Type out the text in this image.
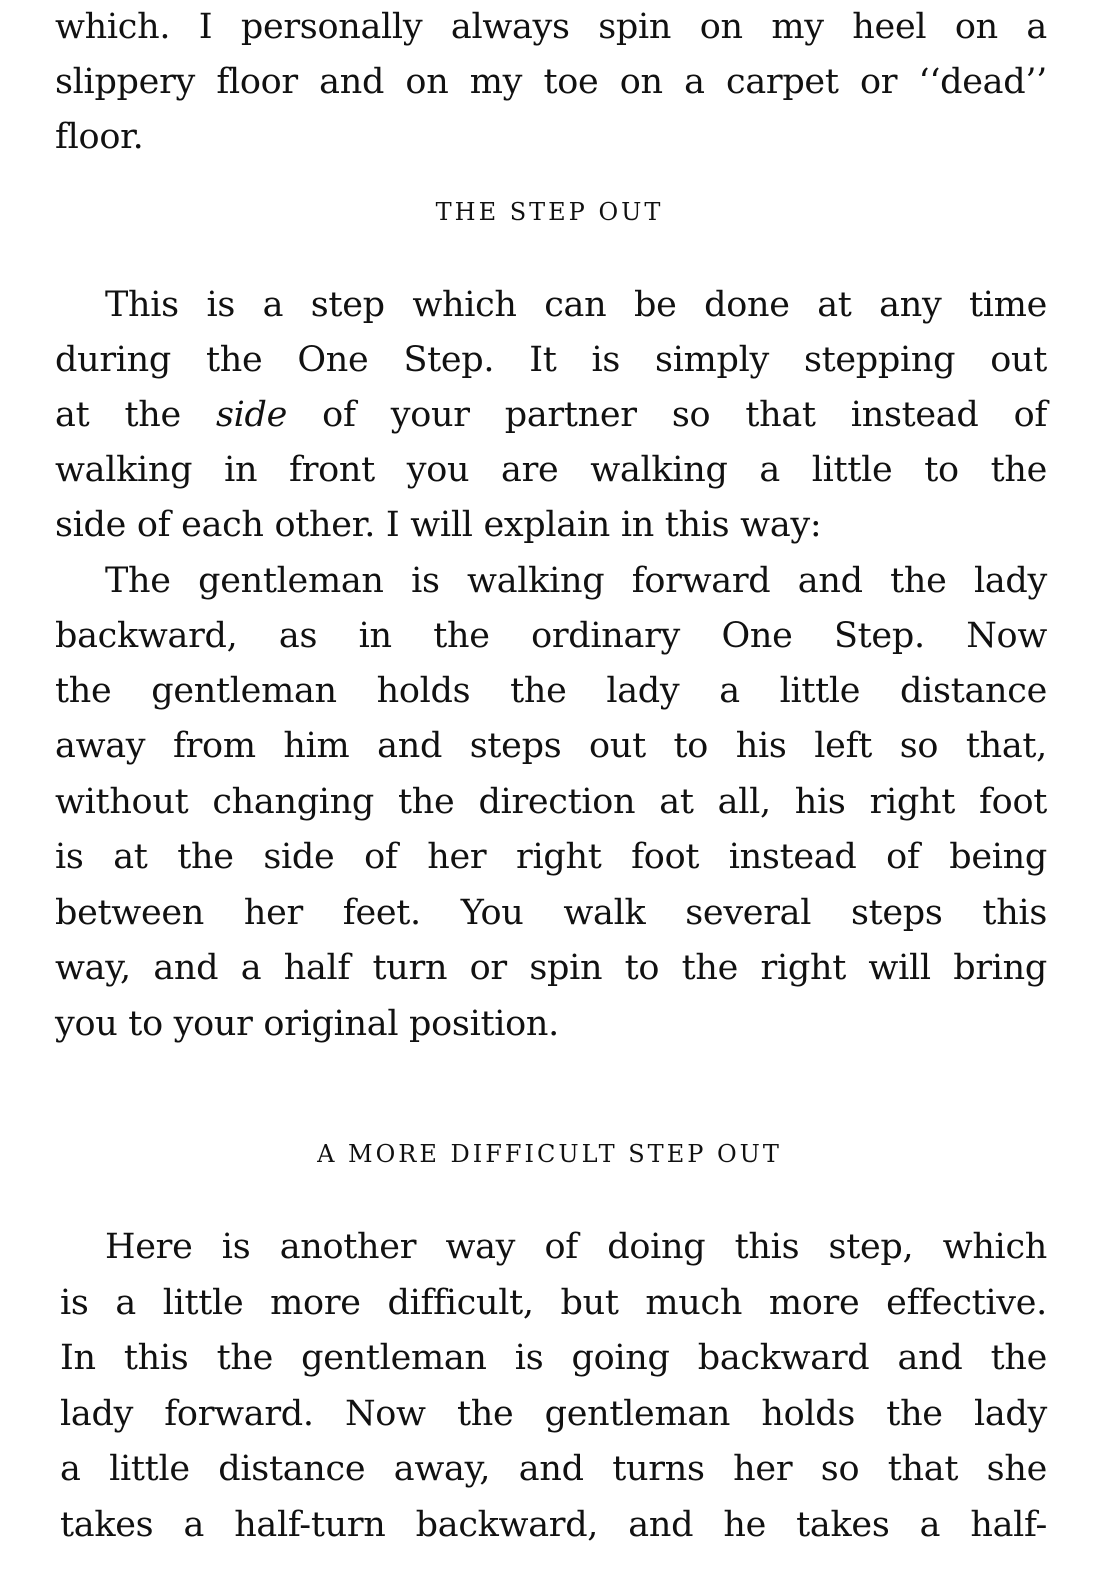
which. I personally always spin on my heel on a
slippery floor and on my toe on a carpet or ‘‘dead’’
floor.
THE STEP OUT
This is a step which can be done at any time
during the One Step. It is simply stepping out
at the side of your partner so that instead of
walking in front you are walking a little to the
side of each other. I will explain in this way:
The gentleman is walking forward and the lady
backward, as in the ordinary One Step. Now
the gentleman holds the lady a little distance
away from him and steps out to his left so that,
without changing the direction at all, his right foot
is at the side of her right foot instead of being
between her feet. You walk several steps this
way, and a half turn or spin to the right will bring
you to your original position.
A MORE DIFFICULT STEP OUT
Here is another way of doing this step, which
is a little more difficult, but much more effective.
In this the gentleman is going backward and the
lady forward. Now the gentleman holds the lady
a little distance away, and turns her so that she
takes a half-turn backward, and he takes a half-
